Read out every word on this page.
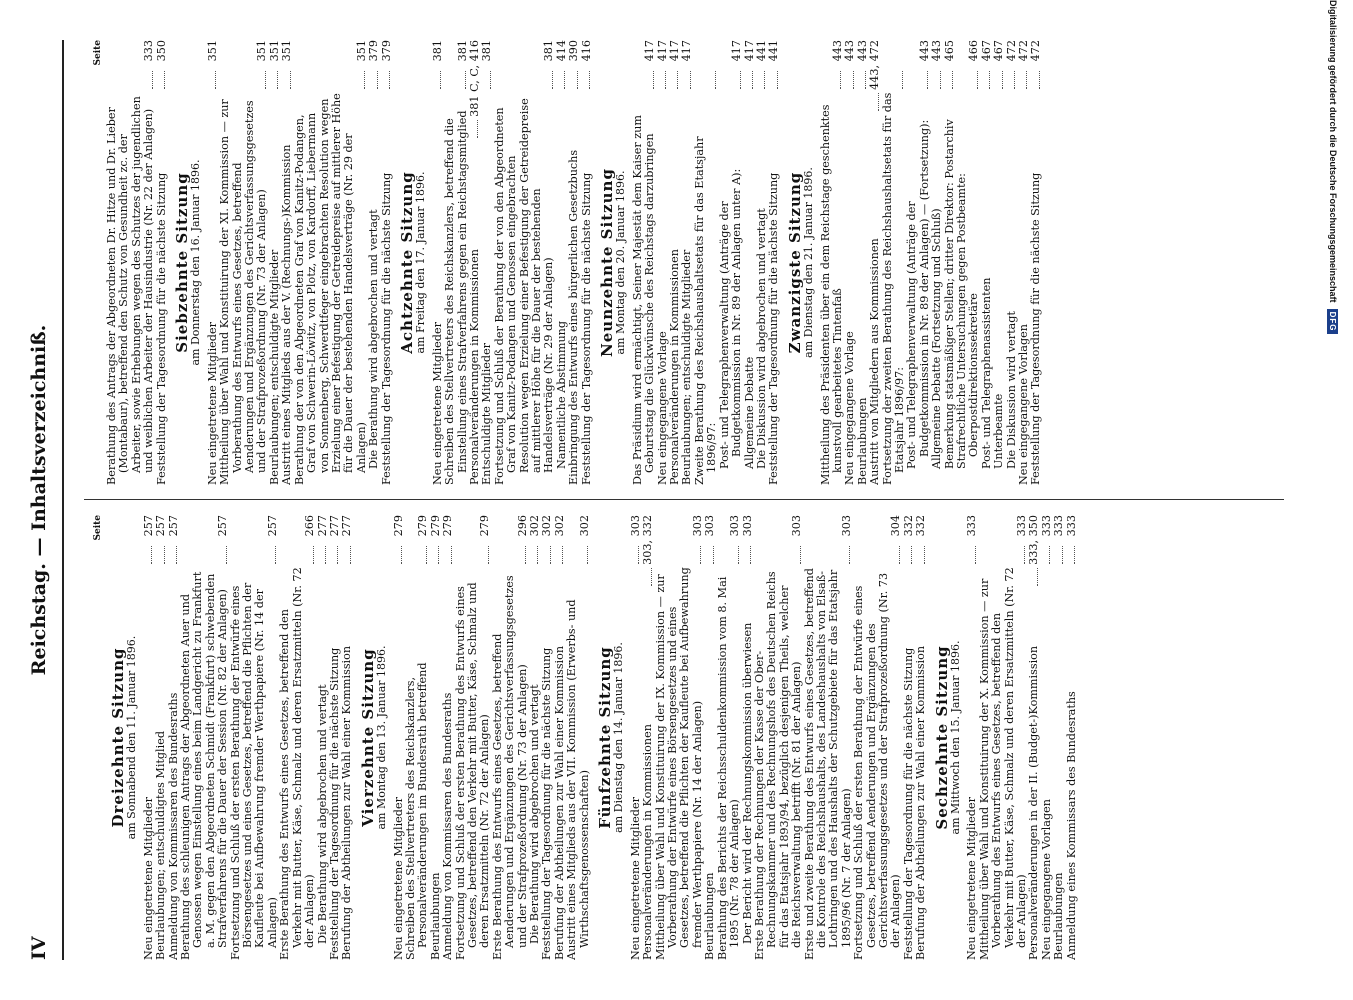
IV
Reichstag. — Inhaltsverzeichniß.	Seite
Dreizehnte Sitzung
am Sonnabend den 11. Januar 1896.
Neu eingetretene Mitglieder
257
Beurlaubungen; entschuldigtes Mitglied
257
Anmeldung von Kommissaren des Bundesraths
257
Berathung des schleunigen Antrags der Abgeordneten Auer und Genossen wegen Einstellung eines beim Landgericht zu Frankfurt a. M. gegen den Abgeordneten Schmidt (Frankfurt) schwebenden Strafverfahrens für die Dauer der Session (Nr. 82 der Anlagen)
257
Fortsetzung und Schluß der ersten Berathung der Entwürfe eines Börsengesetzes und eines Gesetzes, betreffend die Pflichten der Kaufleute bei Aufbewahrung fremder Werthpapiere (Nr. 14 der Anlagen)
257
Erste Berathung des Entwurfs eines Gesetzes, betreffend den Verkehr mit Butter, Käse, Schmalz und deren Ersatzmitteln (Nr. 72 der Anlagen)
266
Die Berathung wird abgebrochen und vertagt
277
Feststellung der Tagesordnung für die nächste Sitzung
277
Berufung der Abtheilungen zur Wahl einer Kommission
277
Vierzehnte Sitzung
am Montag den 13. Januar 1896.
Neu eingetretene Mitglieder
279
Schreiben des Stellvertreters des Reichskanzlers, Personalveränderungen im Bundesrath betreffend
279
Beurlaubungen
279
Anmeldung von Kommissaren des Bundesraths
279
Fortsetzung und Schluß der ersten Berathung des Entwurfs eines Gesetzes, betreffend den Verkehr mit Butter, Käse, Schmalz und deren Ersatzmitteln (Nr. 72 der Anlagen)
279
Erste Berathung des Entwurfs eines Gesetzes, betreffend Aenderungen und Ergänzungen des Gerichtsverfassungsgesetzes und der Strafprozeßordnung (Nr. 73 der Anlagen)
296
Die Berathung wird abgebrochen und vertagt
302
Feststellung der Tagesordnung für die nächste Sitzung
302
Berufung der Abtheilungen zur Wahl einer Kommission
302
Austritt eines Mitglieds aus der VII. Kommission (Erwerbs- und Wirthschaftsgenossenschaften)
302
Fünfzehnte Sitzung
am Dienstag den 14. Januar 1896.
Neu eingetretene Mitglieder
303
Personalveränderungen in Kommissionen
303, 332
Mittheilung über Wahl und Konstituirung der IX. Kommission — zur Vorberathung der Entwürfe eines Börsengesetzes und eines Gesetzes, betreffend die Pflichten der Kaufleute bei Aufbewahrung fremder Werthpapiere (Nr. 14 der Anlagen)
303
Beurlaubungen
303
Berathung des Berichts der Reichsschuldenkommission vom 8. Mai 1895 (Nr. 78 der Anlagen)
303
Der Bericht wird der Rechnungskommission überwiesen
303
Erste Berathung der Rechnungen der Kasse der Ober-Rechnungskammer und des Rechnungshofs des Deutschen Reichs für das Etatsjahr 1893/94, bezüglich desjenigen Theils, welcher die Reichsverwaltung betrifft (Nr. 81 der Anlagen)
303
Erste und zweite Berathung des Entwurfs eines Gesetzes, betreffend die Kontrole des Reichshaushalts, des Landeshaushalts von Elsaß-Lothringen und des Haushalts der Schutzgebiete für das Etatsjahr 1895/96 (Nr. 7 der Anlagen)
303
Fortsetzung und Schluß der ersten Berathung der Entwürfe eines Gesetzes, betreffend Aenderungen und Ergänzungen des Gerichtsverfassungsgesetzes und der Strafprozeßordnung (Nr. 73 der Anlagen)
304
Feststellung der Tagesordnung für die nächste Sitzung
332
Berufung der Abtheilungen zur Wahl einer Kommission
332
Sechzehnte Sitzung
am Mittwoch den 15. Januar 1896.
Neu eingetretene Mitglieder
333
Mittheilung über Wahl und Konstituirung der X. Kommission — zur Vorberathung des Entwurfs eines Gesetzes, betreffend den Verkehr mit Butter, Käse, Schmalz und deren Ersatzmitteln (Nr. 72 der Anlagen)
333
Personalveränderungen in der II. (Budget-)Kommission
333, 350
Neu eingegangene Vorlagen
333
Beurlaubungen
333
Anmeldung eines Kommissars des Bundesraths
333
Seite
Berathung des Antrags der Abgeordneten Dr. Hitze und Dr. Lieber (Montabaur), betreffend den Schutz von Gesundheit zc. der Arbeiter, sowie Erhebungen wegen des Schutzes der jugendlichen und weiblichen Arbeiter der Hausindustrie (Nr. 22 der Anlagen)
333
Feststellung der Tagesordnung für die nächste Sitzung
350
Siebzehnte Sitzung
am Donnerstag den 16. Januar 1896.
Neu eingetretene Mitglieder
351
Mittheilung über Wahl und Konstituirung der XI. Kommission — zur Vorberathung des Entwurfs eines Gesetzes, betreffend Aenderungen und Ergänzungen des Gerichtsverfassungsgesetzes und der Strafprozeßordnung (Nr. 73 der Anlagen)
351
Beurlaubungen; entschuldigte Mitglieder
351
Austritt eines Mitglieds aus der V. (Rechnungs-)Kommission
351
Berathung der von den Abgeordneten Graf von Kanitz-Podangen, Graf von Schwerin-Löwitz, von Plotz, von Kardorff, Liebermann von Sonnenberg, Schwerdtfeger eingebrachten Resolution wegen Erzielung einer Befestigung der Getreidepreise auf mittlerer Höhe für die Dauer der bestehenden Handelsverträge (Nr. 29 der Anlagen)
351
Die Berathung wird abgebrochen und vertagt
379
Feststellung der Tagesordnung für die nächste Sitzung
379
Achtzehnte Sitzung
am Freitag den 17. Januar 1896.
Neu eingetretene Mitglieder
381
Schreiben des Stellvertreters des Reichskanzlers, betreffend die Einstellung eines Strafverfahrens gegen ein Reichstagsmitglied
381
Personalveränderungen in Kommissionen
381 C, C, 416
Entschuldigte Mitglieder
381
Fortsetzung und Schluß der Berathung der von den Abgeordneten Graf von Kanitz-Podangen und Genossen eingebrachten Resolution wegen Erzielung einer Befestigung der Getreidepreise auf mittlerer Höhe für die Dauer der bestehenden Handelsverträge (Nr. 29 der Anlagen)
381
Namentliche Abstimmung
414
Einbringung des Entwurfs eines bürgerlichen Gesetzbuchs
390
Feststellung der Tagesordnung für die nächste Sitzung
416
Neunzehnte Sitzung
am Montag den 20. Januar 1896. Das Präsidium wird ermächtigt, Seiner Majestät dem Kaiser zum Geburtstag die Glückwünsche des Reichstags darzubringen
417
Neu eingegangene Vorlage
417
Personalveränderungen in Kommissionen
417
Beurlaubungen; entschuldigte Mitglieder
417
Zweite Berathung des Reichshaushaltsetats für das Etatsjahr 1896/97: Post- und Telegraphenverwaltung (Anträge der Budgetkommission in Nr. 89 der Anlagen unter A):
417
Allgemeine Debatte
417
Die Diskussion wird abgebrochen und vertagt
441
Feststellung der Tagesordnung für die nächste Sitzung
441
Zwanzigste Sitzung
am Dienstag den 21. Januar 1896. Mittheilung des Präsidenten über ein dem Reichstage geschenktes kunstvoll gearbeitetes Tintenfaß
443
Neu eingegangene Vorlage
443
Beurlaubungen
443
Austritt von Mitgliedern aus Kommissionen
443, 472
Fortsetzung der zweiten Berathung des Reichshaushaltsetats für das Etatsjahr 1896/97: Post- und Telegraphenverwaltung (Anträge der Budgetkommission in Nr. 89 der Anlagen) — (Fortsetzung):
443
Allgemeine Debatte (Fortsetzung und Schluß)
443
Bemerkung statsmäßiger Stellen; dritter Direktor: Postarchiv
465
Strafrechtliche Untersuchungen gegen Postbeamte: Oberpostdirektionssekretäre
466
Post- und Telegraphenassistenten
467
Unterbeamte
467
Die Diskussion wird vertagt
472
Neu eingegangene Vorlagen
472
Feststellung der Tagesordnung für die nächste Sitzung
472	Digitalisierung gefördert durch die Deutsche Forschungsgemeinschaft
DFG
